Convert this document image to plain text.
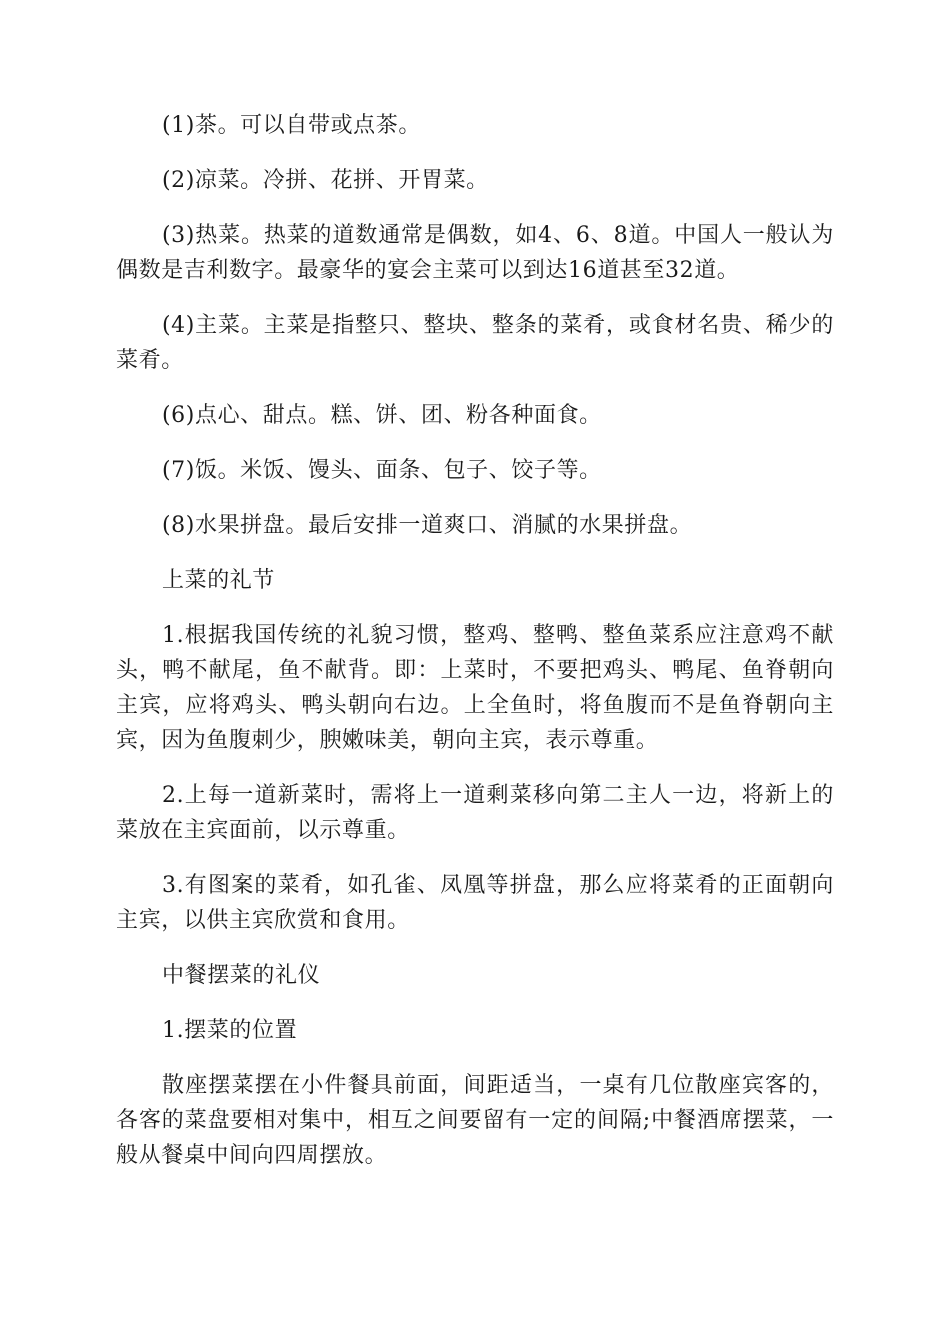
(1)茶。可以自带或点茶。

(2)凉菜。冷拼、花拼、开胃菜。

(3)热菜。热菜的道数通常是偶数，如4、6、8道。中国人一般认为偶数是吉利数字。最豪华的宴会主菜可以到达16道甚至32道。

(4)主菜。主菜是指整只、整块、整条的菜肴，或食材名贵、稀少的菜肴。

(6)点心、甜点。糕、饼、团、粉各种面食。

(7)饭。米饭、馒头、面条、包子、饺子等。

(8)水果拼盘。最后安排一道爽口、消腻的水果拼盘。

上菜的礼节

1.根据我国传统的礼貌习惯，整鸡、整鸭、整鱼菜系应注意鸡不献头，鸭不献尾，鱼不献背。即：上菜时，不要把鸡头、鸭尾、鱼脊朝向主宾，应将鸡头、鸭头朝向右边。上全鱼时，将鱼腹而不是鱼脊朝向主宾，因为鱼腹刺少，腴嫩味美，朝向主宾，表示尊重。

2.上每一道新菜时，需将上一道剩菜移向第二主人一边，将新上的菜放在主宾面前，以示尊重。

3.有图案的菜肴，如孔雀、凤凰等拼盘，那么应将菜肴的正面朝向主宾，以供主宾欣赏和食用。

中餐摆菜的礼仪

1.摆菜的位置

散座摆菜摆在小件餐具前面，间距适当，一桌有几位散座宾客的，各客的菜盘要相对集中，相互之间要留有一定的间隔;中餐酒席摆菜，一般从餐桌中间向四周摆放。
